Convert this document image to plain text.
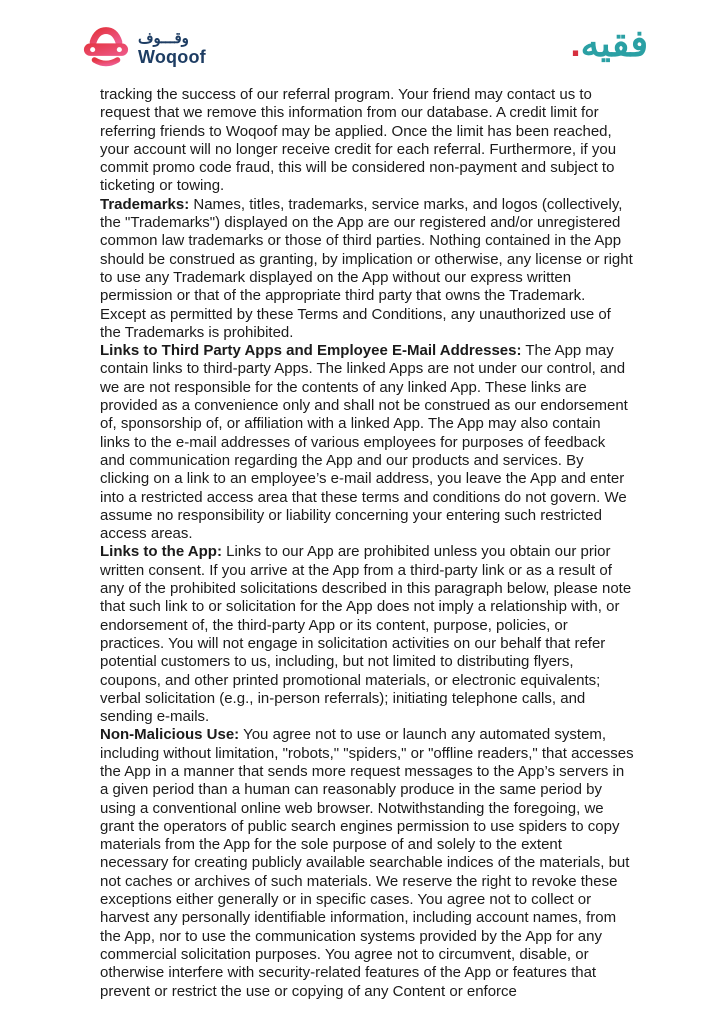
وقـــوف
Woqoof	فقيه.

tracking the success of our referral program. Your friend may contact us to request that we remove this information from our database. A credit limit for referring friends to Woqoof may be applied. Once the limit has been reached, your account will no longer receive credit for each referral. Furthermore, if you commit promo code fraud, this will be considered non-payment and subject to ticketing or towing.

Trademarks: Names, titles, trademarks, service marks, and logos (collectively, the "Trademarks") displayed on the App are our registered and/or unregistered common law trademarks or those of third parties. Nothing contained in the App should be construed as granting, by implication or otherwise, any license or right to use any Trademark displayed on the App without our express written permission or that of the appropriate third party that owns the Trademark. Except as permitted by these Terms and Conditions, any unauthorized use of the Trademarks is prohibited.

Links to Third Party Apps and Employee E-Mail Addresses: The App may contain links to third-party Apps. The linked Apps are not under our control, and we are not responsible for the contents of any linked App. These links are provided as a convenience only and shall not be construed as our endorsement of, sponsorship of, or affiliation with a linked App. The App may also contain links to the e-mail addresses of various employees for purposes of feedback and communication regarding the App and our products and services. By clicking on a link to an employee’s e-mail address, you leave the App and enter into a restricted access area that these terms and conditions do not govern. We assume no responsibility or liability concerning your entering such restricted access areas.

Links to the App: Links to our App are prohibited unless you obtain our prior written consent. If you arrive at the App from a third-party link or as a result of any of the prohibited solicitations described in this paragraph below, please note that such link to or solicitation for the App does not imply a relationship with, or endorsement of, the third-party App or its content, purpose, policies, or practices. You will not engage in solicitation activities on our behalf that refer potential customers to us, including, but not limited to distributing flyers, coupons, and other printed promotional materials, or electronic equivalents; verbal solicitation (e.g., in-person referrals); initiating telephone calls, and sending e-mails.

Non-Malicious Use: You agree not to use or launch any automated system, including without limitation, "robots," "spiders," or "offline readers," that accesses the App in a manner that sends more request messages to the App’s servers in a given period than a human can reasonably produce in the same period by using a conventional online web browser. Notwithstanding the foregoing, we grant the operators of public search engines permission to use spiders to copy materials from the App for the sole purpose of and solely to the extent necessary for creating publicly available searchable indices of the materials, but not caches or archives of such materials. We reserve the right to revoke these exceptions either generally or in specific cases. You agree not to collect or harvest any personally identifiable information, including account names, from the App, nor to use the communication systems provided by the App for any commercial solicitation purposes. You agree not to circumvent, disable, or otherwise interfere with security-related features of the App or features that prevent or restrict the use or copying of any Content or enforce
